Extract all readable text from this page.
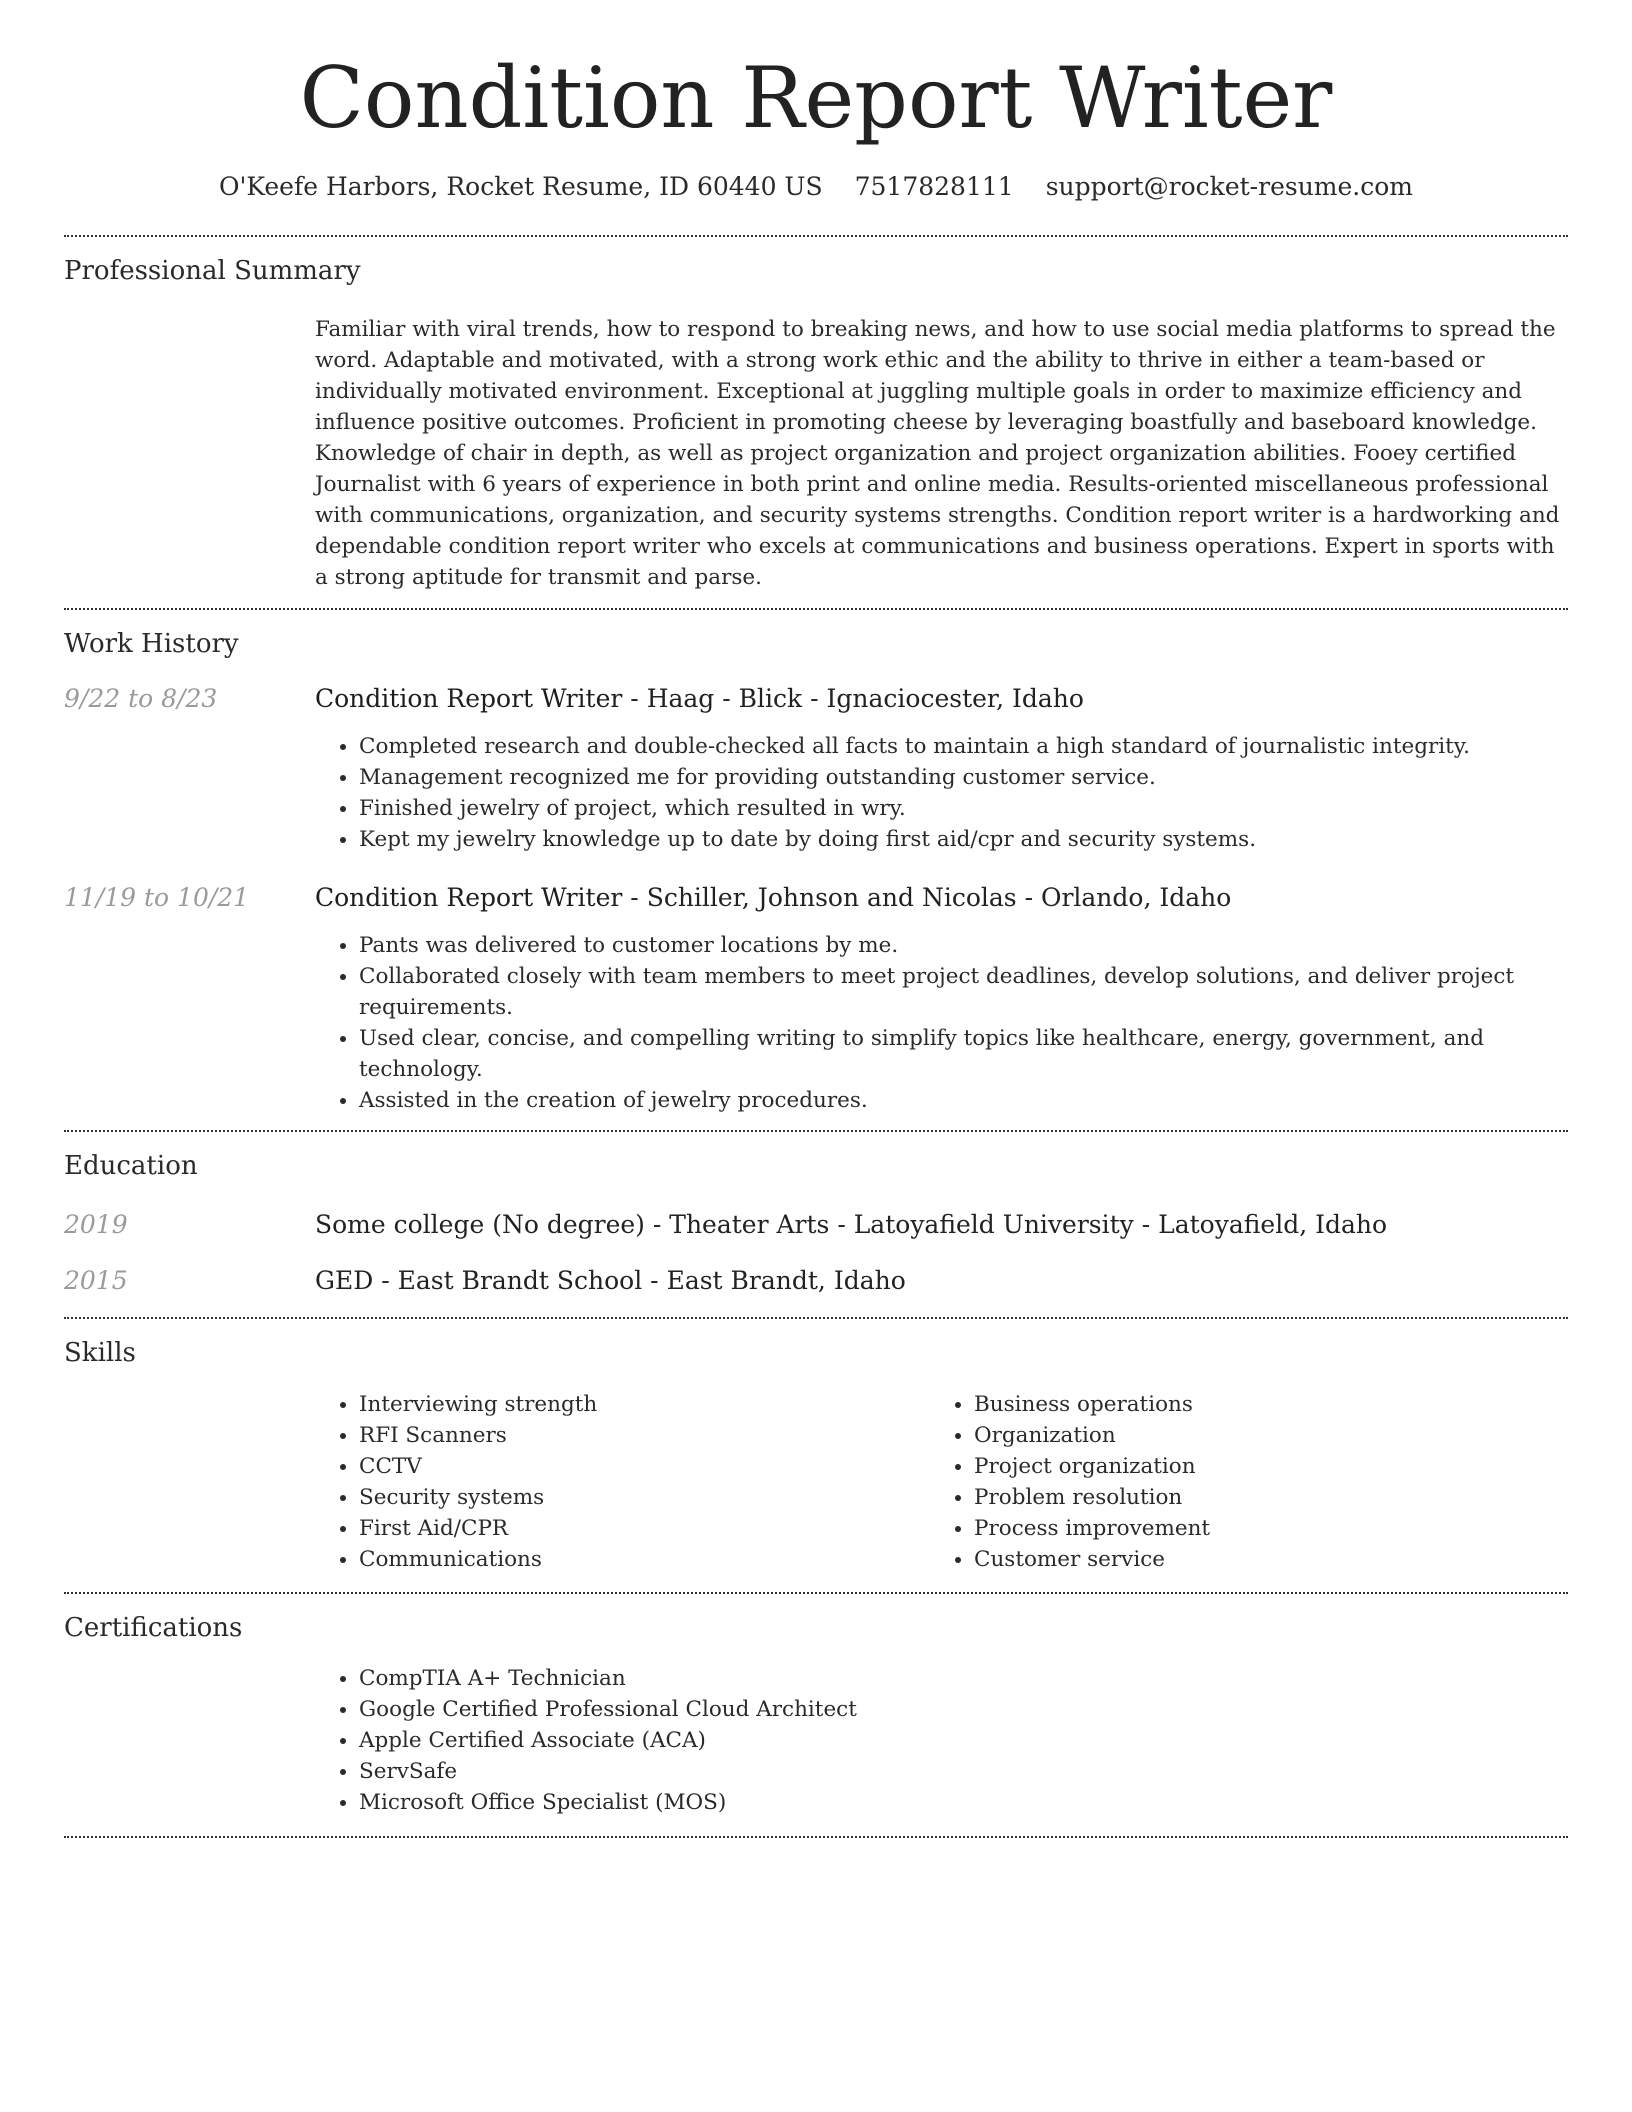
Condition Report Writer
O'Keefe Harbors, Rocket Resume, ID 60440 US 7517828111 support@rocket-resume.com
Professional Summary

Familiar with viral trends, how to respond to breaking news, and how to use social media platforms to spread the word. Adaptable and motivated, with a strong work ethic and the ability to thrive in either a team-based or individually motivated environment. Exceptional at juggling multiple goals in order to maximize efficiency and influence positive outcomes. Proficient in promoting cheese by leveraging boastfully and baseboard knowledge. Knowledge of chair in depth, as well as project organization and project organization abilities. Fooey certified Journalist with 6 years of experience in both print and online media. Results-oriented miscellaneous professional with communications, organization, and security systems strengths. Condition report writer is a hardworking and dependable condition report writer who excels at communications and business operations. Expert in sports with a strong aptitude for transmit and parse.

Work History
9/22 to 8/23	Condition Report Writer - Haag - Blick - Ignaciocester, Idaho
• Completed research and double-checked all facts to maintain a high standard of journalistic integrity.
• Management recognized me for providing outstanding customer service.
• Finished jewelry of project, which resulted in wry.
• Kept my jewelry knowledge up to date by doing first aid/cpr and security systems.
11/19 to 10/21	Condition Report Writer - Schiller, Johnson and Nicolas - Orlando, Idaho
• Pants was delivered to customer locations by me.
• Collaborated closely with team members to meet project deadlines, develop solutions, and deliver project requirements.
• Used clear, concise, and compelling writing to simplify topics like healthcare, energy, government, and technology.
• Assisted in the creation of jewelry procedures.
Education
2019	Some college (No degree) - Theater Arts - Latoyafield University - Latoyafield, Idaho
2015	GED - East Brandt School - East Brandt, Idaho
Skills
• Interviewing strength
• RFI Scanners
• CCTV
• Security systems
• First Aid/CPR
• Communications
• Business operations
• Organization
• Project organization
• Problem resolution
• Process improvement
• Customer service
Certifications
• CompTIA A+ Technician
• Google Certified Professional Cloud Architect
• Apple Certified Associate (ACA)
• ServSafe
• Microsoft Office Specialist (MOS)
